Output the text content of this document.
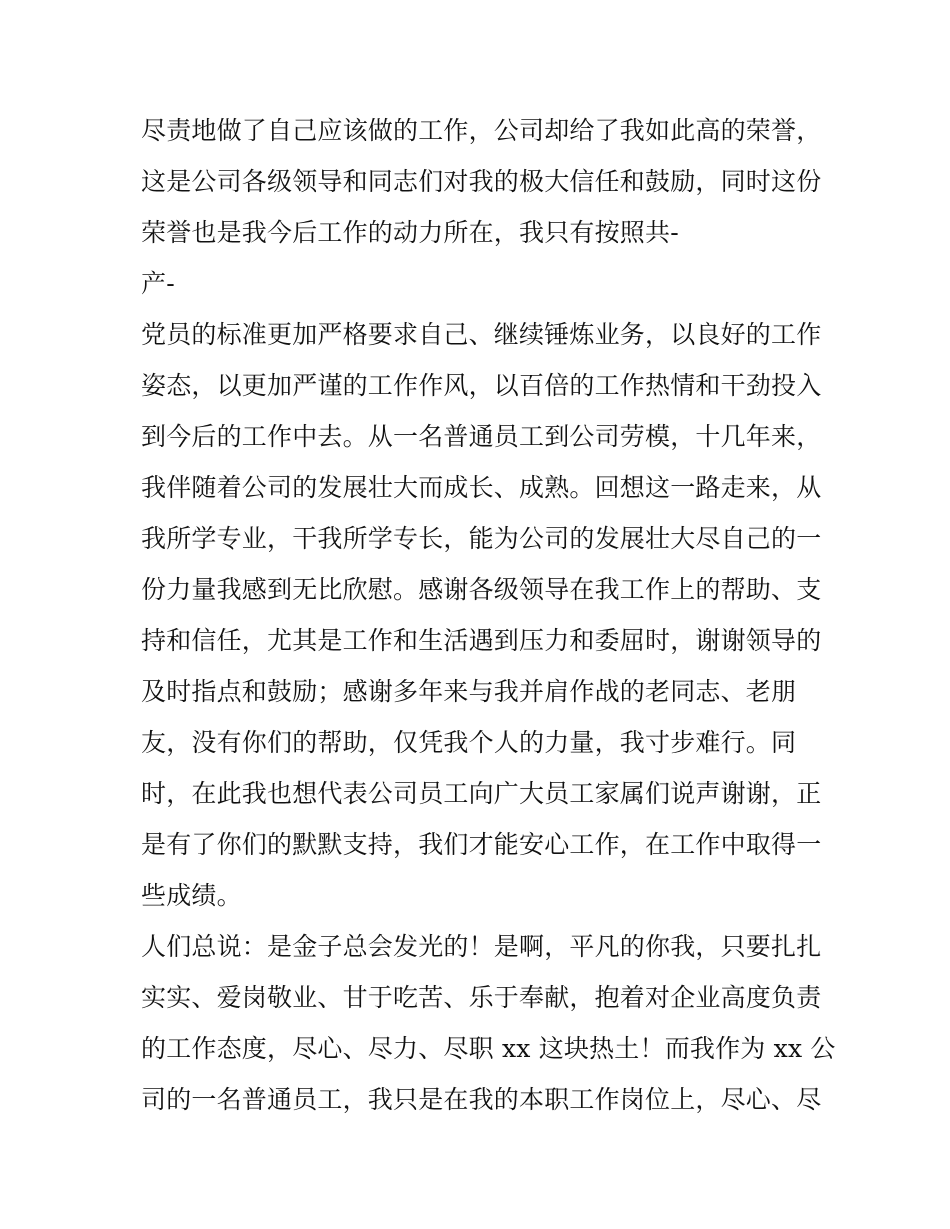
尽责地做了自己应该做的工作，公司却给了我如此高的荣誉，
这是公司各级领导和同志们对我的极大信任和鼓励，同时这份
荣誉也是我今后工作的动力所在，我只有按照共-
产-
党员的标准更加严格要求自己、继续锤炼业务，以良好的工作
姿态，以更加严谨的工作作风，以百倍的工作热情和干劲投入
到今后的工作中去。从一名普通员工到公司劳模，十几年来，
我伴随着公司的发展壮大而成长、成熟。回想这一路走来，从
我所学专业，干我所学专长，能为公司的发展壮大尽自己的一
份力量我感到无比欣慰。感谢各级领导在我工作上的帮助、支
持和信任，尤其是工作和生活遇到压力和委屈时，谢谢领导的
及时指点和鼓励；感谢多年来与我并肩作战的老同志、老朋
友，没有你们的帮助，仅凭我个人的力量，我寸步难行。同
时，在此我也想代表公司员工向广大员工家属们说声谢谢，正
是有了你们的默默支持，我们才能安心工作，在工作中取得一
些成绩。
人们总说：是金子总会发光的！是啊，平凡的你我，只要扎扎
实实、爱岗敬业、甘于吃苦、乐于奉献，抱着对企业高度负责
的工作态度，尽心、尽力、尽职 xx 这块热土！而我作为 xx 公
司的一名普通员工，我只是在我的本职工作岗位上，尽心、尽
